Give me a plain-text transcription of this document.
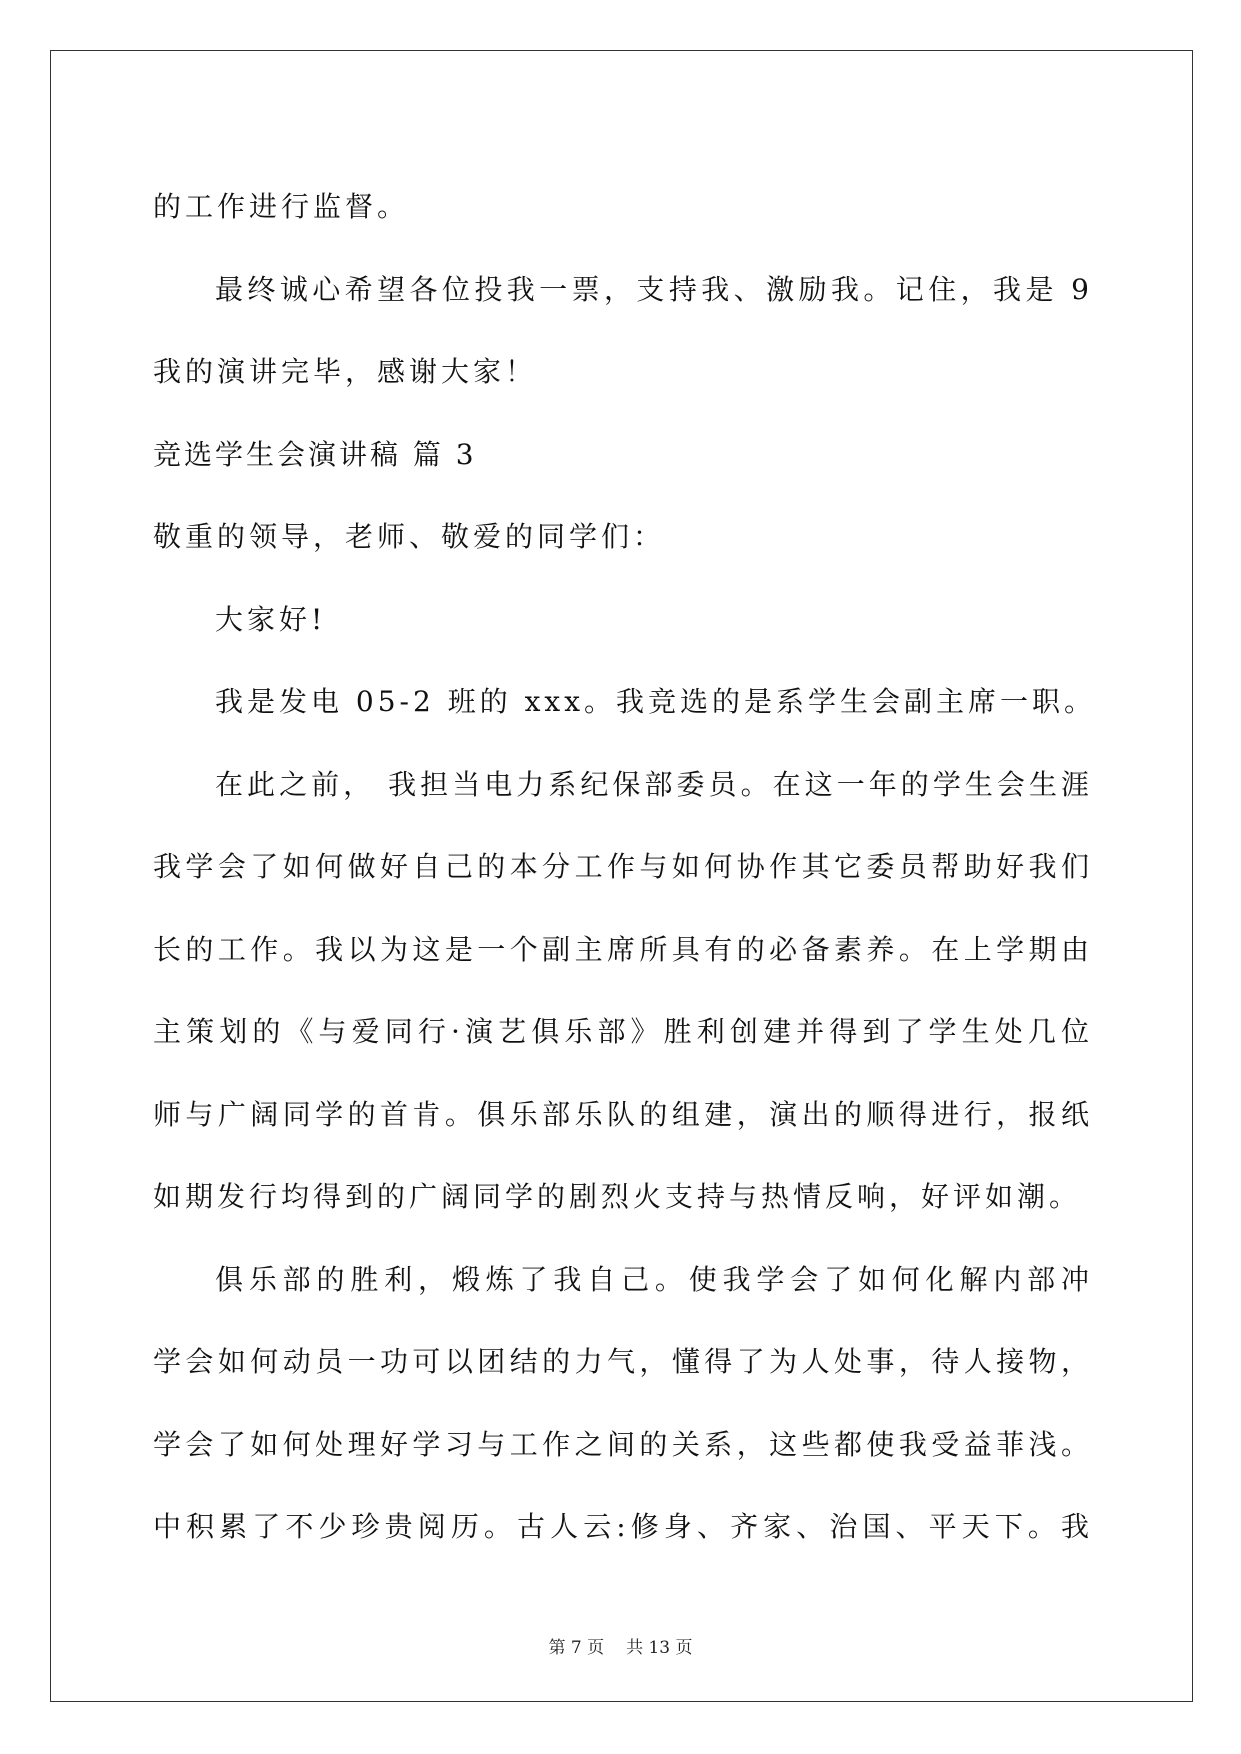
的工作进行监督。
最终诚心希望各位投我一票，支持我、激励我。记住，我是 9
我的演讲完毕，感谢大家！
竞选学生会演讲稿 篇 3
敬重的领导，老师、敬爱的同学们：
大家好!
我是发电 05-2 班的 xxx。我竞选的是系学生会副主席一职。
在此之前， 我担当电力系纪保部委员。在这一年的学生会生涯
我学会了如何做好自己的本分工作与如何协作其它委员帮助好我们
长的工作。我以为这是一个副主席所具有的必备素养。在上学期由
主策划的《与爱同行·演艺俱乐部》胜利创建并得到了学生处几位
师与广阔同学的首肯。俱乐部乐队的组建，演出的顺得进行，报纸
如期发行均得到的广阔同学的剧烈火支持与热情反响，好评如潮。
俱乐部的胜利，煅炼了我自己。使我学会了如何化解内部冲
学会如何动员一功可以团结的力气，懂得了为人处事，待人接物，
学会了如何处理好学习与工作之间的关系，这些都使我受益菲浅。
中积累了不少珍贵阅历。古人云:修身、齐家、治国、平天下。我
第 7 页 共 13 页
